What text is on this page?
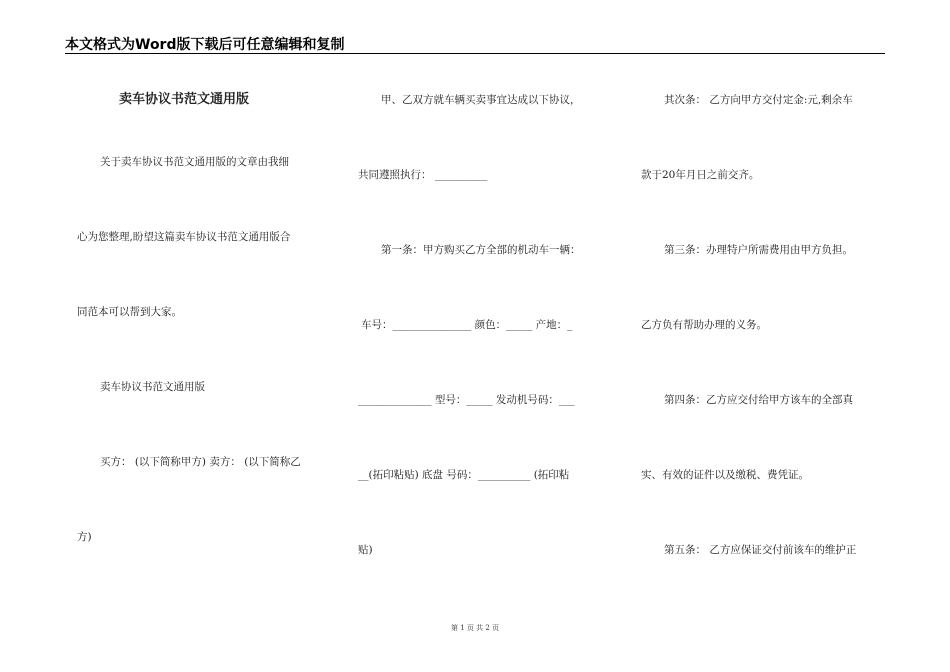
本文格式为Word版下载后可任意编辑和复制
卖车协议书范文通用版
关于卖车协议书范文通用版的文章由我细
心为您整理,盼望这篇卖车协议书范文通用版合
同范本可以帮到大家。
卖车协议书范文通用版
买方： (以下简称甲方) 卖方： (以下简称乙
方)
甲、乙双方就车辆买卖事宜达成以下协议，
共同遵照执行： __________
第一条：甲方购买乙方全部的机动车一辆：
车号：_______________ 颜色：_____ 产地：_
______________ 型号：_____ 发动机号码：___
__(拓印粘贴) 底盘 号码：__________ (拓印粘
贴)
其次条： 乙方向甲方交付定金:元,剩余车
款于20年月日之前交齐。
第三条：办理特户所需费用由甲方负担。
乙方负有帮助办理的义务。
第四条：乙方应交付给甲方该车的全部真
实、有效的证件以及缴税、费凭证。
第五条： 乙方应保证交付前该车的维护正
第 1 页 共 2 页
